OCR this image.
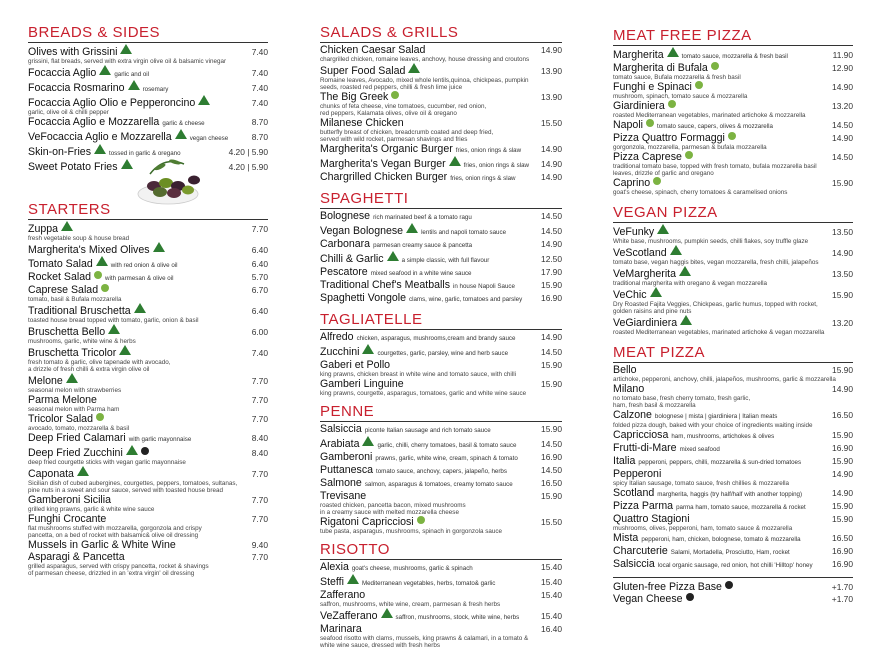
BREADS & SIDES
Olives with Grissini	7.40
grissini, flat breads, served with extra virgin olive oil & balsamic vinegar
Focaccia Aglio	garlic and oil	7.40
Focaccia Rosmarino	rosemary	7.40
Focaccia Aglio Olio e Pepperoncino	7.40
garlic, olive oil & chilli pepper
Focaccia Aglio e Mozzarella garlic & cheese	8.70
VeFocaccia Aglio e Mozzarella	vegan cheese	8.70
Skin-on-Fries	tossed in garlic & oregano	4.20 | 5.90
Sweet Potato Fries	4.20 | 5.90
STARTERS
Zuppa	7.70
fresh vegetable soup & house bread
Margherita's Mixed Olives	6.40
Tomato Salad	with red onion & olive oil	6.40
Rocket Salad with parmesan & olive oil	5.70
Caprese Salad	6.70
tomato, basil & Bufala mozzarella
Traditional Bruschetta	6.40
toasted house bread topped with tomato, garlic, onion & basil
Bruschetta Bello	6.00
mushrooms, garlic, white wine & herbs
Bruschetta Tricolor	7.40
fresh tomato & garlic, olive tapenade with avocado,
a drizzle of fresh chilli & extra virgin olive oil
Melone	7.70
seasonal melon with strawberries
Parma Melone	7.70
seasonal melon with Parma ham
Tricolor Salad	7.70
avocado, tomato, mozzarella & basil
Deep Fried Calamari with garlic mayonnaise	8.40
Deep Fried Zucchini	8.40
deep fried courgette sticks with vegan garlic mayonnaise
Caponata	7.70
Sicilian dish of cubed aubergines, courgettes, peppers, tomatoes, sultanas,
pine nuts in a sweet and sour sauce, served with toasted house bread
Gamberoni Sicilia	7.70
grilled king prawns, garlic & white wine sauce
Funghi Crocante	7.70
flat mushrooms stuffed with mozzarella, gorgonzola and crispy
pancetta, on a bed of rocket with balsamic& olive oil dressing
Mussels in Garlic & White Wine	9.40
Asparagi & Pancetta	7.70
grilled asparagus, served with crispy pancetta, rocket & shavings
of parmesan cheese, drizzled in an 'extra virgin' oil dressing
SALADS & GRILLS
Chicken Caesar Salad	14.90
chargrilled chicken, romaine leaves, anchovy, house dressing and croutons
Super Food Salad	13.90
Romaine leaves, Avocado, mixed whole lentils,quinoa, chickpeas, pumpkin
seeds, roasted red peppers, chilli & fresh lime juice
The Big Greek	13.90
chunks of feta cheese, vine tomatoes, cucumber, red onion,
red peppers, Kalamata olives, olive oil & oregano
Milanese Chicken	15.50
butterfly breast of chicken, breadcrumb coated and deep fried,
served with wild rocket, parmesan shavings and fries
Margherita's Organic Burger fries, onion rings & slaw	14.90
Margherita's Vegan Burger	fries, onion rings & slaw	14.90
Chargrilled Chicken Burger fries, onion rings & slaw	14.90
SPAGHETTI
Bolognese rich marinated beef & a tomato ragu	14.50
Vegan Bolognese	lentils and napoli tomato sauce	14.50
Carbonara parmesan creamy sauce & pancetta	14.90
Chilli & Garlic	a simple classic, with full flavour	12.50
Pescatore mixed seafood in a white wine sauce	17.90
Traditional Chef's Meatballs in house Napoli Sauce	15.90
Spaghetti Vongole clams, wine, garlic, tomatoes and parsley	16.90
TAGLIATELLE
Alfredo chicken, asparagus, mushrooms,cream and brandy sauce	14.90
Zucchini	courgettes, garlic, parsley, wine and herb sauce	14.50
Gaberi et Pollo	15.90
king prawns, chicken breast in white wine and tomato sauce, with chilli
Gamberi Linguine	15.90
king prawns, courgette, asparagus, tomatoes, garlic and white wine sauce
PENNE
Salsiccia piconte Italian sausage and rich tomato sauce	15.90
Arabiata	garlic, chilli, cherry tomatoes, basil & tomato sauce	14.50
Gamberoni prawns, garlic, white wine, cream, spinach & tomato	16.90
Puttanesca tomato sauce, anchovy, capers, jalapeño, herbs	14.50
Salmone salmon, asparagus & tomatoes, creamy tomato sauce	16.50
Trevisane	15.90
roasted chicken, pancetta bacon, mixed mushrooms
in a creamy sauce with melted mozzarella cheese
Rigatoni Capricciosi	15.50
tube pasta, asparagus, mushrooms, spinach in gorgonzola sauce
RISOTTO
Alexia goat's cheese, mushrooms, garlic & spinach	15.40
Steffi	Mediterranean vegetables, herbs, tomato& garlic	15.40
Zafferano	15.40
saffron, mushrooms, white wine, cream, parmesan & fresh herbs
VeZafferano	saffron, mushrooms, stock, white wine, herbs	15.40
Marinara	16.40
seafood risotto with clams, mussels, king prawns & calamari, in a tomato &
white wine sauce, dressed with fresh herbs
MEAT FREE PIZZA
Margherita	tomato sauce, mozzarella & fresh basil	11.90
Margherita di Bufala	12.90
tomato sauce, Bufala mozzarella & fresh basil
Funghi e Spinaci	14.90
mushroom, spinach, tomato sauce & mozzarella
Giardiniera	13.20
roasted Mediterranean vegetables, marinated artichoke & mozzarella
Napoli tomato sauce, capers, olives & mozzarella	14.50
Pizza Quattro Formaggi	14.90
gorgonzola, mozzarella, parmesan & bufala mozzarella
Pizza Caprese	14.50
traditional tomato base, topped with fresh tomato, bufala mozzarella basil
leaves, drizzle of garlic and oregano
Caprino	15.90
goat's cheese, spinach, cherry tomatoes & caramelised onions
VEGAN PIZZA
VeFunky	13.50
White base, mushrooms, pumpkin seeds, chilli flakes, soy truffle glaze
VeScotland	14.90
tomato base, vegan haggis bites, vegan mozzarella, fresh chilli, jalapeños
VeMargherita	13.50
traditional margherita with oregano & vegan mozzarella
VeChic	15.90
Dry Roasted Fajita Veggies, Chickpeas, garlic humus, topped with rocket,
golden raisins and pine nuts
VeGiardiniera	13.20
roasted Mediterranean vegetables, marinated artichoke & vegan mozzarella
MEAT PIZZA
Bello	15.90
artichoke, pepperoni, anchovy, chilli, jalapeños, mushrooms, garlic & mozzarella
Milano	14.90
no tomato base, fresh cherry tomato, fresh garlic,
ham, fresh basil & mozzarella
Calzone bolognese | mista | giardiniera | Italian meats	16.50
folded pizza dough, baked with your choice of ingredients waiting inside
Capricciosa ham, mushrooms, artichokes & olives	15.90
Frutti-di-Mare mixed seafood	16.90
Italia pepperoni, peppers, chilli, mozzarella & sun-dried tomatoes	15.90
Pepperoni	14.90
spicy Italian sausage, tomato sauce, fresh chillies & mozzarella
Scotland margherita, haggis (try half/half with another topping)	14.90
Pizza Parma parma ham, tomato sauce, mozzarella & rocket	15.90
Quattro Stagioni	15.90
mushrooms, olives, pepperoni, ham, tomato sauce & mozzarella
Mista pepperoni, ham, chicken, bolognese, tomato & mozzarella	16.50
Charcuterie Salami, Mortadella, Prosciutto, Ham, rocket	16.90
Salsiccia local organic sausage, red onion, hot chilli 'Hilltop' honey	16.90
Gluten-free Pizza Base	+1.70
Vegan Cheese	+1.70
